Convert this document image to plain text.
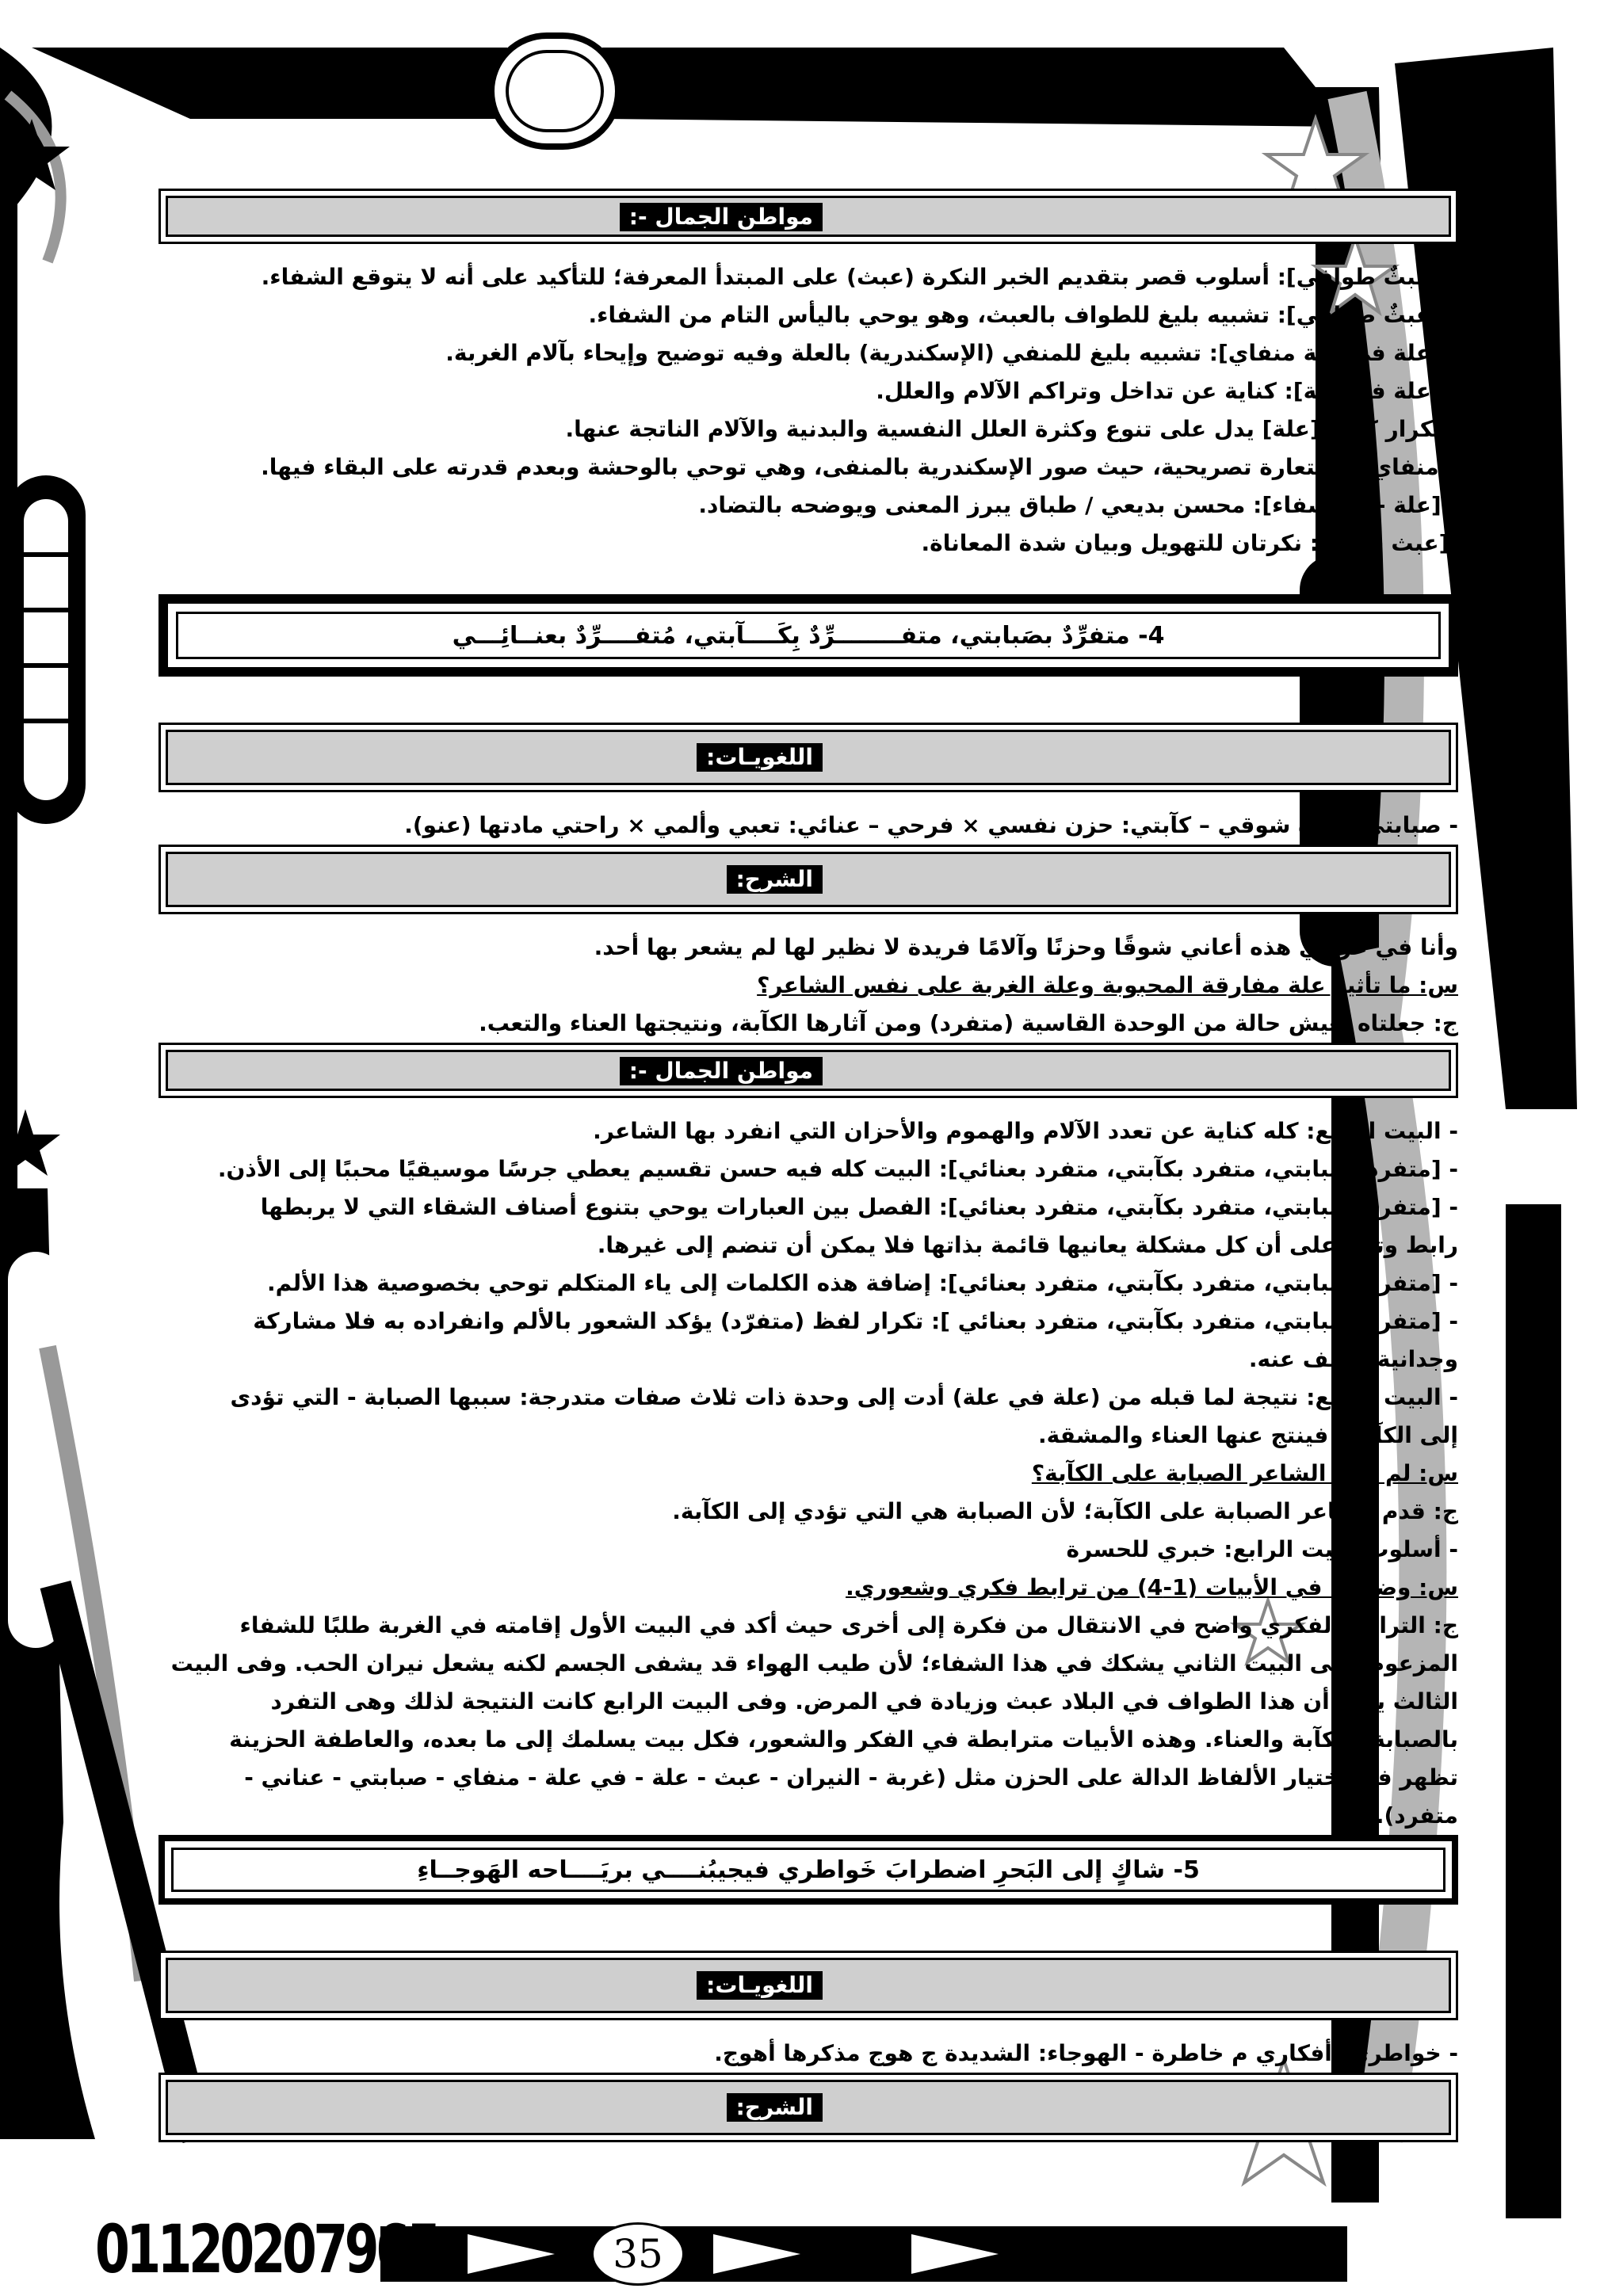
01120207965	35
مواطن الجمال -:

- [عبثٌ طوافي]: أسلوب قصر بتقديم الخبر النكرة (عبث) على المبتدأ المعرفة؛ للتأكيد على أنه لا يتوقع الشفاء.

- [عبثٌ طوافي]: تشبيه بليغ للطواف بالعبث، وهو يوحي باليأس التام من الشفاء.

- [علة في علة منفاي]: تشبيه بليغ للمنفي (الإسكندرية) بالعلة وفيه توضيح وإيحاء بآلام الغربة.

- [علة في علة]: كناية عن تداخل وتراكم الآلام والعلل.

- تكرار كلمة [علة] يدل على تنوع وكثرة العلل النفسية والبدنية والآلام الناتجة عنها.

-[منفاي]: استعارة تصريحية، حيث صور الإسكندرية بالمنفى، وهي توحي بالوحشة وبعدم قدرته على البقاء فيها.

- [علة - استشفاء]: محسن بديعي / طباق يبرز المعنى ويوضحه بالتضاد.

-[عبث - علة]: نكرتان للتهويل وبيان شدة المعاناة.

4- متفرِّدٌ بصَبابتي، متفــــــــرِّدٌ بِكَــــآبتي، مُتفــــرِّدٌ بعنــائِـــي
اللغويـات:

- صبابتي: شدة شوقي – كآبتي: حزن نفسي × فرحي – عنائي: تعبي وألمي × راحتي مادتها (عنو).

الشرح:

وأنا في غربتي هذه أعاني شوقًا وحزنًا وآلامًا فريدة لا نظير لها لم يشعر بها أحد.

س: ما تأثير علة مفارقة المحبوبة وعلة الغربة على نفس الشاعر؟

ج: جعلتاه يعيش حالة من الوحدة القاسية (متفرد) ومن آثارها الكآبة، ونتيجتها العناء والتعب.

مواطن الجمال -:

- البيت الرابع: كله كناية عن تعدد الآلام والهموم والأحزان التي انفرد بها الشاعر.

- [متفرد بصبابتي، متفرد بكآبتي، متفرد بعنائي]: البيت كله فيه حسن تقسيم يعطي جرسًا موسيقيًا محببًا إلى الأذن.

- [متفرد بصبابتي، متفرد بكآبتي، متفرد بعنائي]: الفصل بين العبارات يوحي بتنوع أصناف الشقاء التي لا يربطها

رابط وتدل على أن كل مشكلة يعانيها قائمة بذاتها فلا يمكن أن تنضم إلى غيرها.

- [متفرد بصبابتي، متفرد بكآبتي، متفرد بعنائي]: إضافة هذه الكلمات إلى ياء المتكلم توحي بخصوصية هذا الألم.

- [متفرد بصبابتي، متفرد بكآبتي، متفرد بعنائي ]: تكرار لفظ (متفرّد) يؤكد الشعور بالألم وانفراده به فلا مشاركة

وجدانية تخفف عنه.

- البيت الرابع: نتيجة لما قبله من (علة في علة) أدت إلى وحدة ذات ثلاث صفات متدرجة: سببها الصبابة - التي تؤدى

إلى الكآبة - فينتج عنها العناء والمشقة.

س: لم قدم الشاعر الصبابة على الكآبة؟

ج: قدم الشاعر الصبابة على الكآبة؛ لأن الصبابة هي التي تؤدي إلى الكآبة.

- أسلوب البيت الرابع: خبري للحسرة

س: وضح ما في الأبيات (1-4) من ترابط فكري وشعوري.

ج: الترابط الفكري واضح في الانتقال من فكرة إلى أخرى حيث أكد في البيت الأول إقامته في الغربة طلبًا للشفاء

المزعوم وفى البيت الثاني يشكك في هذا الشفاء؛ لأن طيب الهواء قد يشفى الجسم لكنه يشعل نيران الحب. وفى البيت

الثالث يؤكد أن هذا الطواف في البلاد عبث وزيادة في المرض. وفى البيت الرابع كانت النتيجة لذلك وهى التفرد

بالصبابة والكآبة والعناء. وهذه الأبيات مترابطة في الفكر والشعور، فكل بيت يسلمك إلى ما بعده، والعاطفة الحزينة

تظهر في اختيار الألفاظ الدالة على الحزن مثل (غربة - النيران - عبث - علة - في علة - منفاي - صبابتي - عناني -

متفرد).

5- شاكٍ إلى البَحرِ اضطرابَ خَواطري فيجيبُنــــي بريَــــاحه الهَوجــاءِ
اللغويـات:

- خواطري: أفكاري م خاطرة - الهوجاء: الشديدة ج هوج مذكرها أهوج.

الشرح:
